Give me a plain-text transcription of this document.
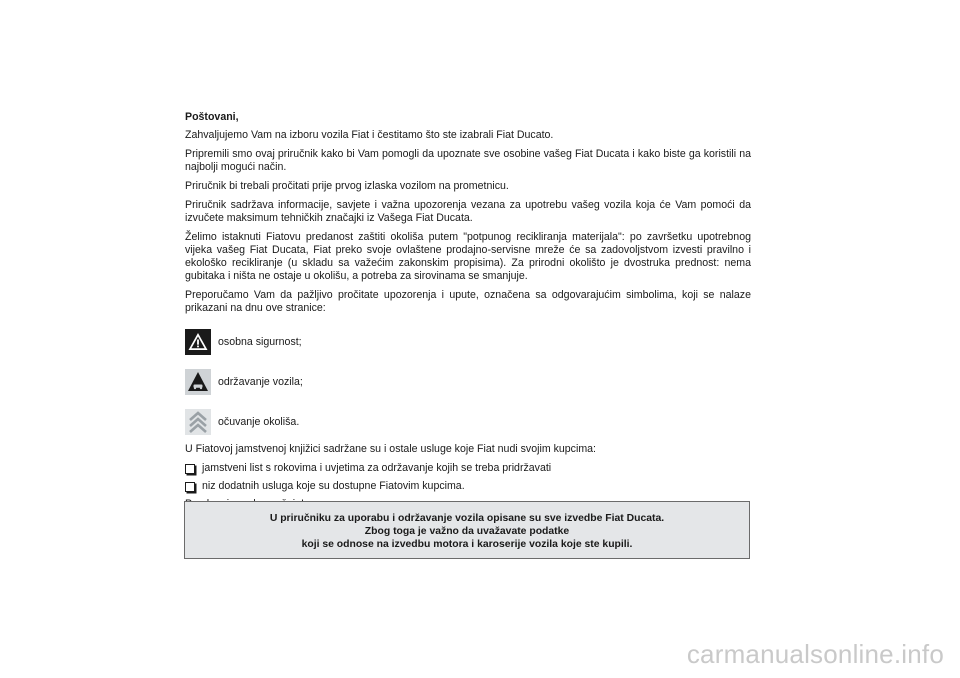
Poštovani,

Zahvaljujemo Vam na izboru vozila Fiat i čestitamo što ste izabrali Fiat Ducato.

Pripremili smo ovaj priručnik kako bi Vam pomogli da upoznate sve osobine vašeg Fiat Ducata i kako biste ga koristili na najbolji mogući način.

Priručnik bi trebali pročitati prije prvog izlaska vozilom na prometnicu.

Priručnik sadržava informacije, savjete i važna upozorenja vezana za upotrebu vašeg vozila koja će Vam pomoći da izvučete maksimum tehničkih značajki iz Vašega Fiat Ducata.

Želimo istaknuti Fiatovu predanost zaštiti okoliša putem "potpunog recikliranja materijala": po završetku upotrebnog vijeka vašeg Fiat Ducata, Fiat preko svoje ovlaštene prodajno-servisne mreže će sa zadovoljstvom izvesti pravilno i ekološko recikliranje (u skladu sa važećim zakonskim propisima). Za prirodni okolišto je dvostruka prednost: nema gubitaka i ništa ne ostaje u okolišu, a potreba za sirovinama se smanjuje.

Preporučamo Vam da pažljivo pročitate upozorenja i upute, označena sa odgovarajućim simbolima, koji se nalaze prikazani na dnu ove stranice:

osobna sigurnost;
održavanje vozila;
očuvanje okoliša.

U Fiatovoj jamstvenoj knjižici sadržane su i ostale usluge koje Fiat nudi svojim kupcima:

jamstveni list s rokovima i uvjetima za održavanje kojih se treba pridržavati
niz dodatnih usluga koje su dostupne Fiatovim kupcima.

U priručniku za uporabu i održavanje vozila opisane su sve izvedbe Fiat Ducata.
Zbog toga je važno da uvažavate podatke
koji se odnose na izvedbu motora i karoserije vozila koje ste kupili.
carmanualsonline.info
